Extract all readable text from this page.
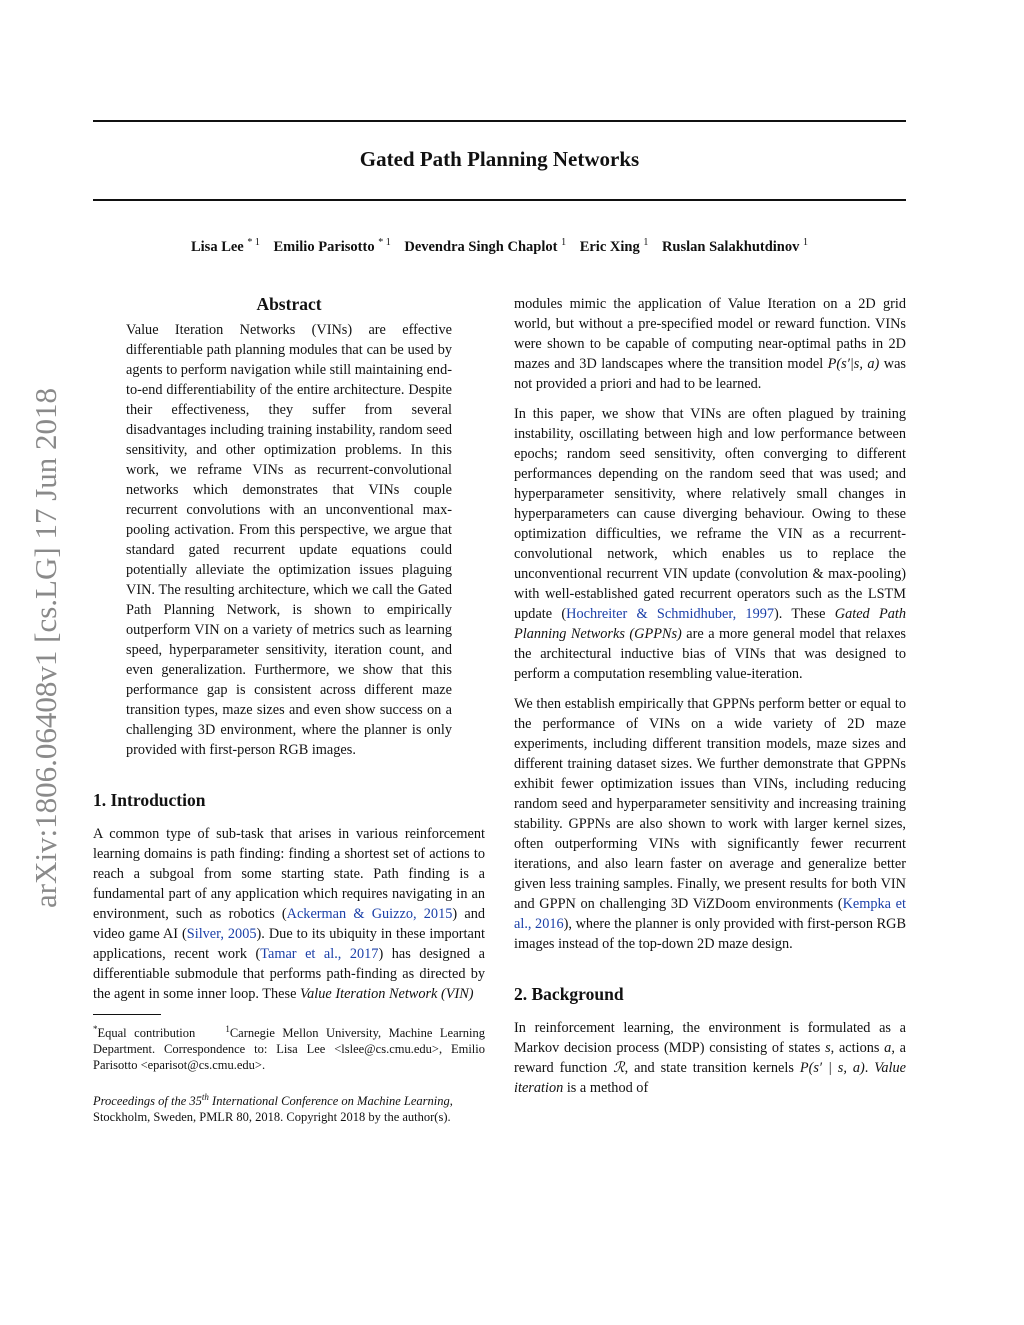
Gated Path Planning Networks
Lisa Lee $^{* 1}$ Emilio Parisotto $^{* 1}$ Devendra Singh Chaplot $^1$ Eric Xing $^1$ Ruslan Salakhutdinov $^1$
arXiv:1806.06408v1 [cs.LG] 17 Jun 2018
Abstract

Value Iteration Networks (VINs) are effective differentiable path planning modules that can be used by agents to perform navigation while still maintaining end-to-end differentiability of the entire architecture. Despite their effectiveness, they suffer from several disadvantages including training instability, random seed sensitivity, and other optimization problems. In this work, we reframe VINs as recurrent-convolutional networks which demonstrates that VINs couple recurrent convolutions with an unconventional max-pooling activation. From this perspective, we argue that standard gated recurrent update equations could potentially alleviate the optimization issues plaguing VIN. The resulting architecture, which we call the Gated Path Planning Network, is shown to empirically outperform VIN on a variety of metrics such as learning speed, hyperparameter sensitivity, iteration count, and even generalization. Furthermore, we show that this performance gap is consistent across different maze transition types, maze sizes and even show success on a challenging 3D environment, where the planner is only provided with first-person RGB images.

1. Introduction

A common type of sub-task that arises in various reinforcement learning domains is path finding: finding a shortest set of actions to reach a subgoal from some starting state. Path finding is a fundamental part of any application which requires navigating in an environment, such as robotics (Ackerman & Guizzo, 2015) and video game AI (Silver, 2005). Due to its ubiquity in these important applications, recent work (Tamar et al., 2017) has designed a differentiable submodule that performs path-finding as directed by the agent in some inner loop. These Value Iteration Network (VIN)

*Equal contribution	$^1$Carnegie Mellon University, Machine Learning Department. Correspondence to: Lisa Lee <lslee@cs.cmu.edu>, Emilio Parisotto <eparisot@cs.cmu.edu>.

Proceedings of the 35th International Conference on Machine Learning, Stockholm, Sweden, PMLR 80, 2018. Copyright 2018 by the author(s).

modules mimic the application of Value Iteration on a 2D grid world, but without a pre-specified model or reward function. VINs were shown to be capable of computing near-optimal paths in 2D mazes and 3D landscapes where the transition model P(s′|s, a) was not provided a priori and had to be learned.

In this paper, we show that VINs are often plagued by training instability, oscillating between high and low performance between epochs; random seed sensitivity, often converging to different performances depending on the random seed that was used; and hyperparameter sensitivity, where relatively small changes in hyperparameters can cause diverging behaviour. Owing to these optimization difficulties, we reframe the VIN as a recurrent-convolutional network, which enables us to replace the unconventional recurrent VIN update (convolution & max-pooling) with well-established gated recurrent operators such as the LSTM update (Hochreiter & Schmidhuber, 1997). These Gated Path Planning Networks (GPPNs) are a more general model that relaxes the architectural inductive bias of VINs that was designed to perform a computation resembling value-iteration.

We then establish empirically that GPPNs perform better or equal to the performance of VINs on a wide variety of 2D maze experiments, including different transition models, maze sizes and different training dataset sizes. We further demonstrate that GPPNs exhibit fewer optimization issues than VINs, including reducing random seed and hyperparameter sensitivity and increasing training stability. GPPNs are also shown to work with larger kernel sizes, often outperforming VINs with significantly fewer recurrent iterations, and also learn faster on average and generalize better given less training samples. Finally, we present results for both VIN and GPPN on challenging 3D ViZDoom environments (Kempka et al., 2016), where the planner is only provided with first-person RGB images instead of the top-down 2D maze design.

2. Background

In reinforcement learning, the environment is formulated as a Markov decision process (MDP) consisting of states s, actions a, a reward function ℛ, and state transition kernels P(s′ | s, a). Value iteration is a method of
